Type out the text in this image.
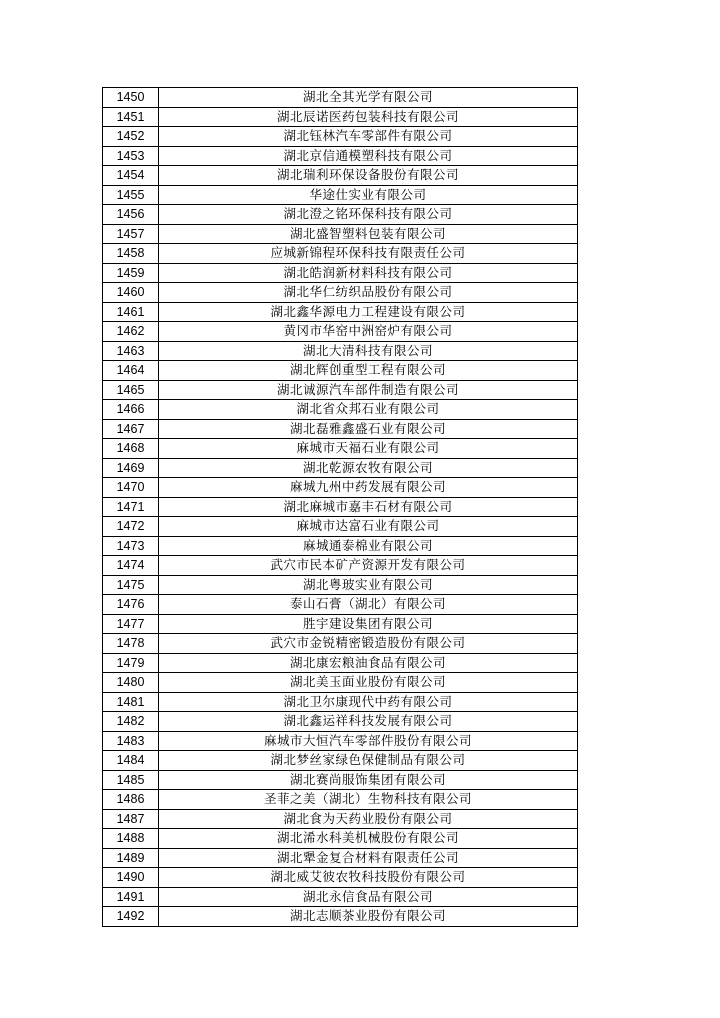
1450	湖北全其光学有限公司
1451	湖北辰诺医药包装科技有限公司
1452	湖北钰林汽车零部件有限公司
1453	湖北京信通模塑科技有限公司
1454	湖北瑞利环保设备股份有限公司
1455	华途仕实业有限公司
1456	湖北澄之铭环保科技有限公司
1457	湖北盛智塑料包装有限公司
1458	应城新锦程环保科技有限责任公司
1459	湖北皓润新材料科技有限公司
1460	湖北华仁纺织品股份有限公司
1461	湖北鑫华源电力工程建设有限公司
1462	黄冈市华窑中洲窑炉有限公司
1463	湖北大清科技有限公司
1464	湖北辉创重型工程有限公司
1465	湖北诚源汽车部件制造有限公司
1466	湖北省众邦石业有限公司
1467	湖北磊雅鑫盛石业有限公司
1468	麻城市天福石业有限公司
1469	湖北乾源农牧有限公司
1470	麻城九州中药发展有限公司
1471	湖北麻城市嘉丰石材有限公司
1472	麻城市达富石业有限公司
1473	麻城通泰棉业有限公司
1474	武穴市民本矿产资源开发有限公司
1475	湖北粤玻实业有限公司
1476	泰山石膏（湖北）有限公司
1477	胜宇建设集团有限公司
1478	武穴市金锐精密锻造股份有限公司
1479	湖北康宏粮油食品有限公司
1480	湖北美玉面业股份有限公司
1481	湖北卫尔康现代中药有限公司
1482	湖北鑫运祥科技发展有限公司
1483	麻城市大恒汽车零部件股份有限公司
1484	湖北梦丝家绿色保健制品有限公司
1485	湖北赛尚服饰集团有限公司
1486	圣菲之美（湖北）生物科技有限公司
1487	湖北食为天药业股份有限公司
1488	湖北浠水科美机械股份有限公司
1489	湖北犟金复合材料有限责任公司
1490	湖北威艾彼农牧科技股份有限公司
1491	湖北永信食品有限公司
1492	湖北志顺茶业股份有限公司
